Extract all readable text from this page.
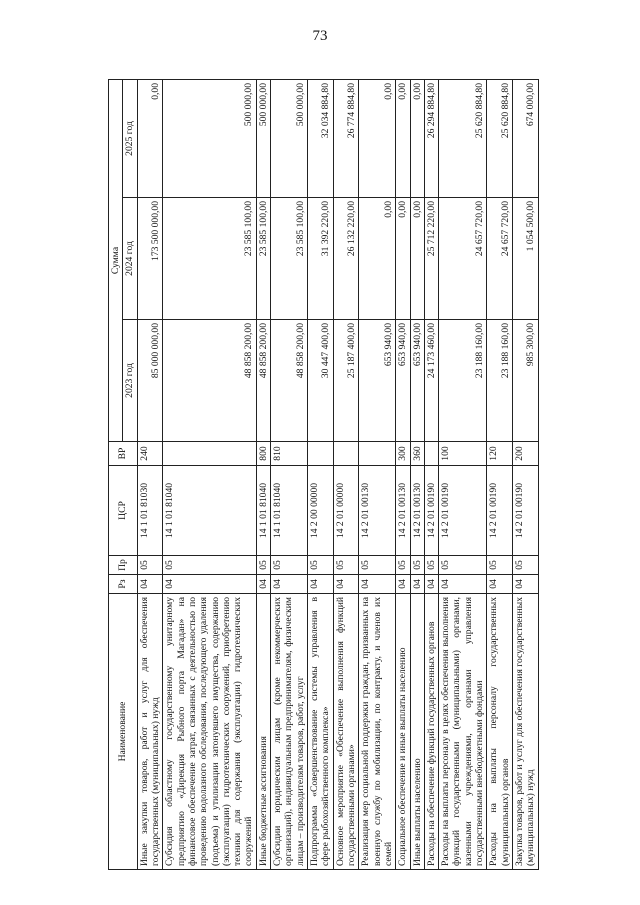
73
Наименование	Рз	Пр	ЦСР	ВР	Сумма		
					2023 год	2024 год	2025 год
Иные закупки товаров, работ и услуг для обеспечения государственных (муниципальных) нужд	04	05	14 1 01 81030	240	85 000 000,00	173 500 000,00	0,00
Субсидия областному государственному унитарному предприятию «Дирекция Рыбного порта Магадан» на финансовое обеспечение затрат, связанных с деятельностью по проведению водолазного обследования, последующего удаления (подъема) и утилизации затонувшего имущества, содержанию (эксплуатации) гидротехнических сооружений, приобретению техники для содержания (эксплуатации) гидротехнических сооружений	04	05	14 1 01 81040		48 858 200,00	23 585 100,00	500 000,00
Иные бюджетные ассигнования	04	05	14 1 01 81040	800	48 858 200,00	23 585 100,00	500 000,00
Субсидии юридическим лицам (кроме некоммерческих организаций), индивидуальным предпринимателям, физическим лицам – производителям товаров, работ, услуг	04	05	14 1 01 81040	810	48 858 200,00	23 585 100,00	500 000,00
Подпрограмма «Совершенствование системы управления в сфере рыбохозяйственного комплекса»	04	05	14 2 00 00000		30 447 400,00	31 392 220,00	32 034 884,80
Основное мероприятие «Обеспечение выполнения функций государственными органами»	04	05	14 2 01 00000		25 187 400,00	26 132 220,00	26 774 884,80
Реализация мер социальной поддержки граждан, призванных на военную службу по мобилизации, по контракту, и членов их семей	04	05	14 2 01 00130		653 940,00	0,00	0,00
Социальное обеспечение и иные выплаты населению	04	05	14 2 01 00130	300	653 940,00	0,00	0,00
Иные выплаты населению	04	05	14 2 01 00130	360	653 940,00	0,00	0,00
Расходы на обеспечение функций государственных органов	04	05	14 2 01 00190		24 173 460,00	25 712 220,00	26 294 884,80
Расходы на выплаты персоналу в целях обеспечения выполнения функций государственными (муниципальными) органами, казенными учреждениями, органами управления государственными внебюджетными фондами	04	05	14 2 01 00190	100	23 188 160,00	24 657 720,00	25 620 884,80
Расходы на выплаты персоналу государственных (муниципальных) органов	04	05	14 2 01 00190	120	23 188 160,00	24 657 720,00	25 620 884,80
Закупка товаров, работ и услуг для обеспечения государственных (муниципальных) нужд	04	05	14 2 01 00190	200	985 300,00	1 054 500,00	674 000,00
